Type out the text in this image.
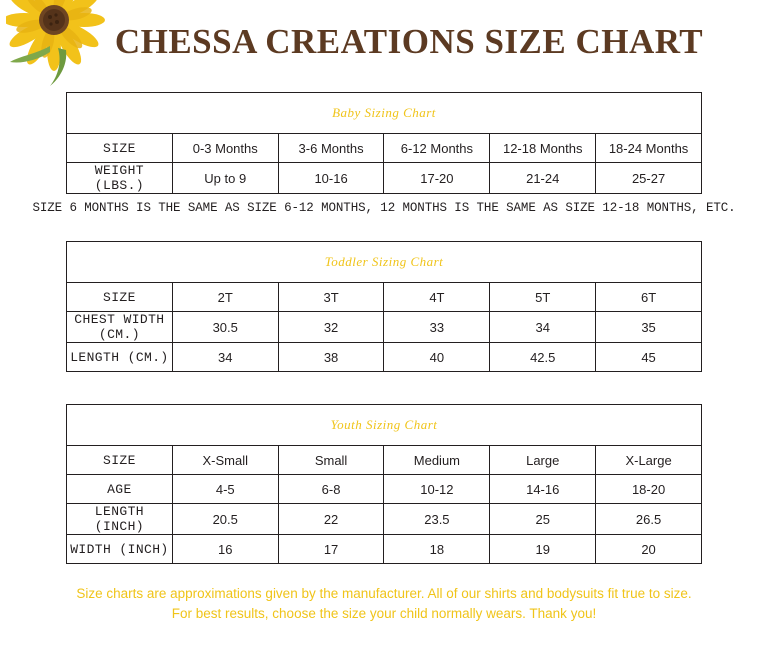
CHESSA CREATIONS SIZE CHART
Baby Sizing Chart					
SIZE	0-3 Months	3-6 Months	6-12 Months	12-18 Months	18-24 Months
WEIGHT (LBS.)	Up to 9	10-16	17-20	21-24	25-27
SIZE 6 MONTHS IS THE SAME AS SIZE 6-12 MONTHS, 12 MONTHS IS THE SAME AS SIZE 12-18 MONTHS, ETC.
Toddler Sizing Chart					
SIZE	2T	3T	4T	5T	6T
CHEST WIDTH (CM.)	30.5	32	33	34	35
LENGTH (CM.)	34	38	40	42.5	45
Youth Sizing Chart					
SIZE	X-Small	Small	Medium	Large	X-Large
AGE	4-5	6-8	10-12	14-16	18-20
LENGTH (INCH)	20.5	22	23.5	25	26.5
WIDTH (INCH)	16	17	18	19	20
Size charts are approximations given by the manufacturer. All of our shirts and bodysuits fit true to size.
For best results, choose the size your child normally wears. Thank you!
